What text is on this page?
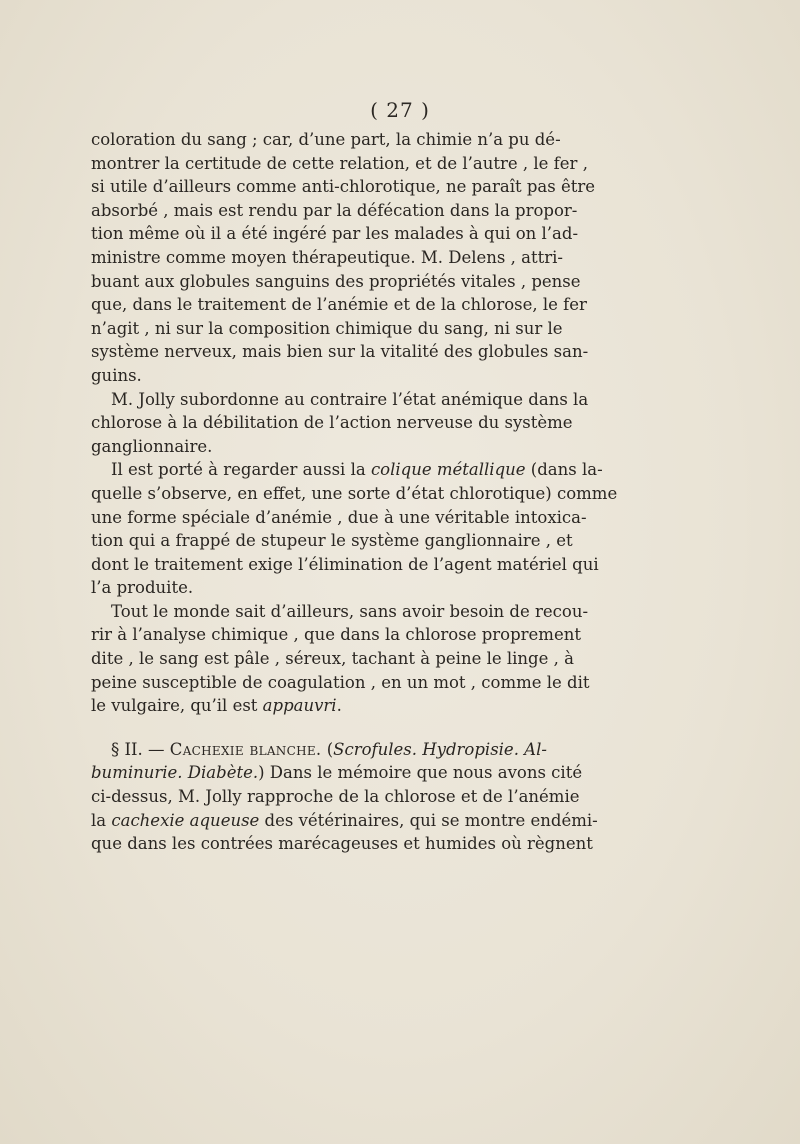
( 27 )
coloration du sang ; car, d’une part, la chimie n’a pu dé-
montrer la certitude de cette relation, et de l’autre , le fer ,
si utile d’ailleurs comme anti-chlorotique, ne paraît pas être
absorbé , mais est rendu par la défécation dans la propor-
tion même où il a été ingéré par les malades à qui on l’ad-
ministre comme moyen thérapeutique. M. Delens , attri-
buant aux globules sanguins des propriétés vitales , pense
que, dans le traitement de l’anémie et de la chlorose, le fer
n’agit , ni sur la composition chimique du sang, ni sur le
système nerveux, mais bien sur la vitalité des globules san-
guins.
M. Jolly subordonne au contraire l’état anémique dans la
chlorose à la débilitation de l’action nerveuse du système
ganglionnaire.
Il est porté à regarder aussi la colique métallique (dans la-
quelle s’observe, en effet, une sorte d’état chlorotique) comme
une forme spéciale d’anémie , due à une véritable intoxica-
tion qui a frappé de stupeur le système ganglionnaire , et
dont le traitement exige l’élimination de l’agent matériel qui
l’a produite.
Tout le monde sait d’ailleurs, sans avoir besoin de recou-
rir à l’analyse chimique , que dans la chlorose proprement
dite , le sang est pâle , séreux, tachant à peine le linge , à
peine susceptible de coagulation , en un mot , comme le dit
le vulgaire, qu’il est appauvri.
§ II. — Cachexie blanche. (Scrofules. Hydropisie. Al-
buminurie. Diabète.) Dans le mémoire que nous avons cité
ci-dessus, M. Jolly rapproche de la chlorose et de l’anémie
la cachexie aqueuse des vétérinaires, qui se montre endémi-
que dans les contrées marécageuses et humides où règnent
